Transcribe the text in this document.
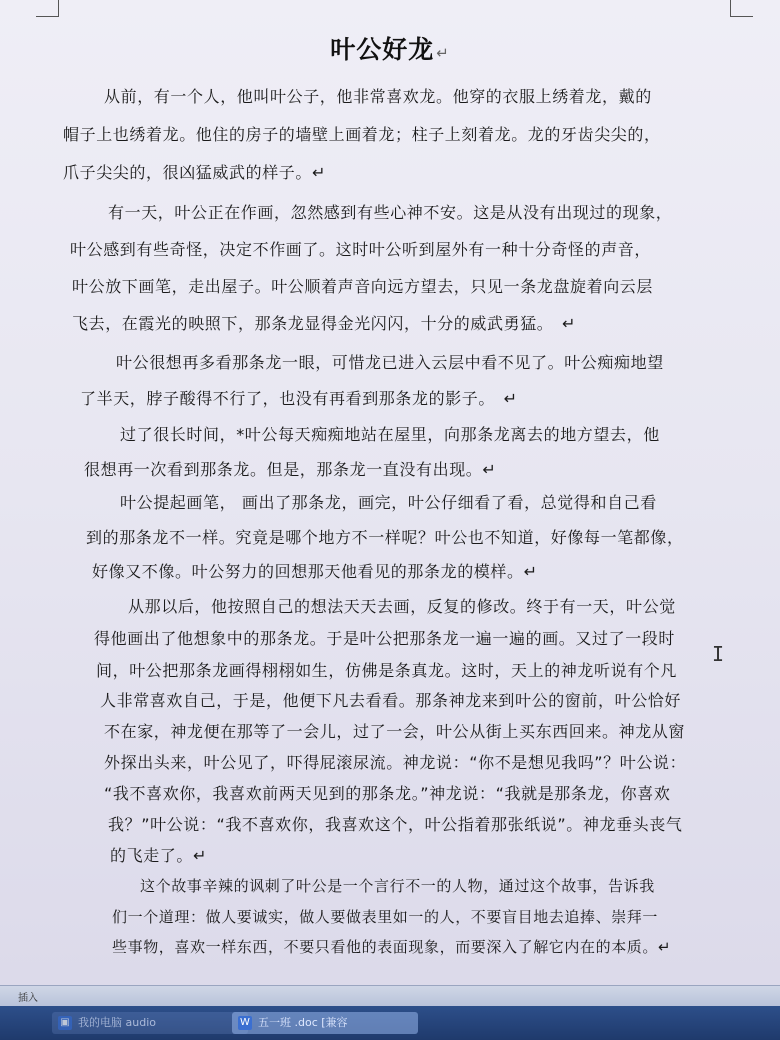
叶公好龙 ↵
从前，有一个人，他叫叶公子，他非常喜欢龙。他穿的衣服上绣着龙，戴的
帽子上也绣着龙。他住的房子的墙壁上画着龙；柱子上刻着龙。龙的牙齿尖尖的，
爪子尖尖的，很凶猛威武的样子。↵
有一天，叶公正在作画，忽然感到有些心神不安。这是从没有出现过的现象，
叶公感到有些奇怪，决定不作画了。这时叶公听到屋外有一种十分奇怪的声音，
叶公放下画笔，走出屋子。叶公顺着声音向远方望去，只见一条龙盘旋着向云层
飞去，在霞光的映照下，那条龙显得金光闪闪，十分的威武勇猛。　↵
叶公很想再多看那条龙一眼，可惜龙已进入云层中看不见了。叶公痴痴地望
了半天，脖子酸得不行了，也没有再看到那条龙的影子。　↵
过了很长时间，*叶公每天痴痴地站在屋里，向那条龙离去的地方望去，他
很想再一次看到那条龙。但是，那条龙一直没有出现。↵
叶公提起画笔， 画出了那条龙，画完，叶公仔细看了看，总觉得和自己看
到的那条龙不一样。究竟是哪个地方不一样呢？叶公也不知道，好像每一笔都像，
好像又不像。叶公努力的回想那天他看见的那条龙的模样。↵
从那以后，他按照自己的想法天天去画，反复的修改。终于有一天，叶公觉
得他画出了他想象中的那条龙。于是叶公把那条龙一遍一遍的画。又过了一段时
间，叶公把那条龙画得栩栩如生，仿佛是条真龙。这时，天上的神龙听说有个凡
人非常喜欢自己，于是，他便下凡去看看。那条神龙来到叶公的窗前，叶公恰好
不在家，神龙便在那等了一会儿，过了一会，叶公从街上买东西回来。神龙从窗
外探出头来，叶公见了，吓得屁滚尿流。神龙说：“你不是想见我吗”？叶公说：
“我不喜欢你，我喜欢前两天见到的那条龙。”神龙说：“我就是那条龙，你喜欢
我？”叶公说：“我不喜欢你，我喜欢这个，叶公指着那张纸说”。神龙垂头丧气
的飞走了。↵
这个故事辛辣的讽刺了叶公是一个言行不一的人物，通过这个故事，告诉我
们一个道理：做人要诚实，做人要做表里如一的人，不要盲目地去追捧、崇拜一
些事物，喜欢一样东西，不要只看他的表面现象，而要深入了解它内在的本质。↵
I
插入
▣ 我的电脑 audio	W 五一班 .doc [兼容
